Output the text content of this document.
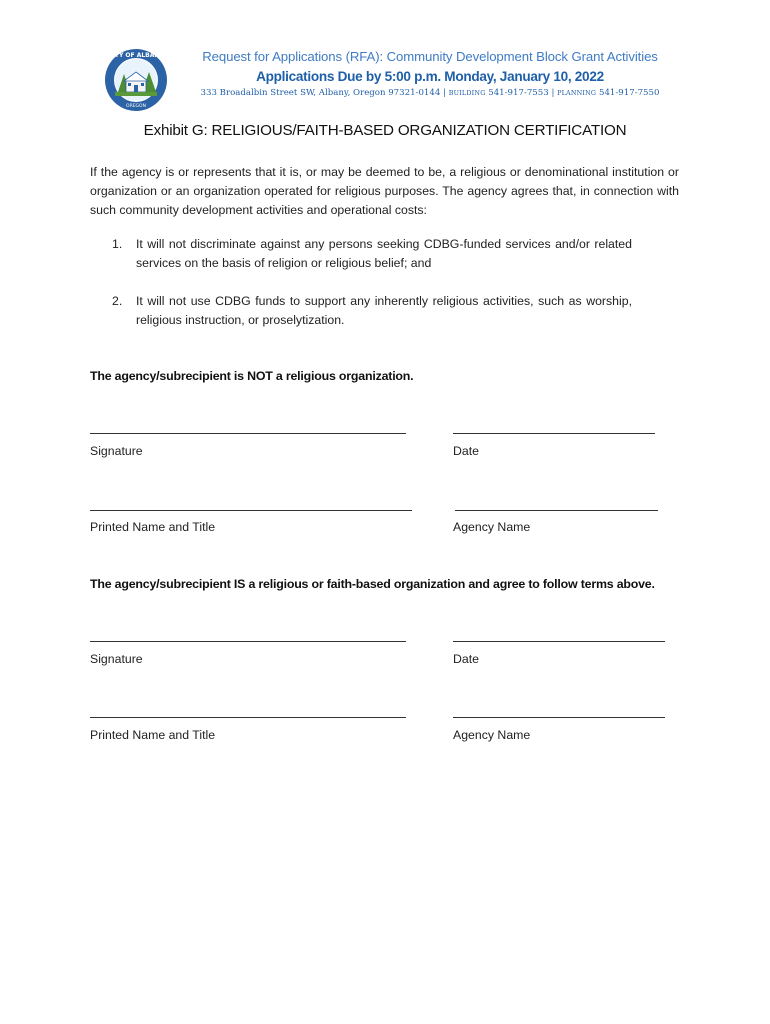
CITY OF ALBANY
OREGON
Request for Applications (RFA): Community Development Block Grant Activities
Applications Due by 5:00 p.m. Monday, January 10, 2022
333 Broadalbin Street SW, Albany, Oregon 97321-0144 | BUILDING 541-917-7553 | PLANNING 541-917-7550
Exhibit G: RELIGIOUS/FAITH-BASED ORGANIZATION CERTIFICATION
If the agency is or represents that it is, or may be deemed to be, a religious or denominational institution or organization or an organization operated for religious purposes. The agency agrees that, in connection with such community development activities and operational costs:
1. It will not discriminate against any persons seeking CDBG-funded services and/or related services on the basis of religion or religious belief; and
2. It will not use CDBG funds to support any inherently religious activities, such as worship, religious instruction, or proselytization.
The agency/subrecipient is NOT a religious organization.
Signature	Date
Printed Name and Title	Agency Name
The agency/subrecipient IS a religious or faith-based organization and agree to follow terms above.
Signature	Date
Printed Name and Title	Agency Name
